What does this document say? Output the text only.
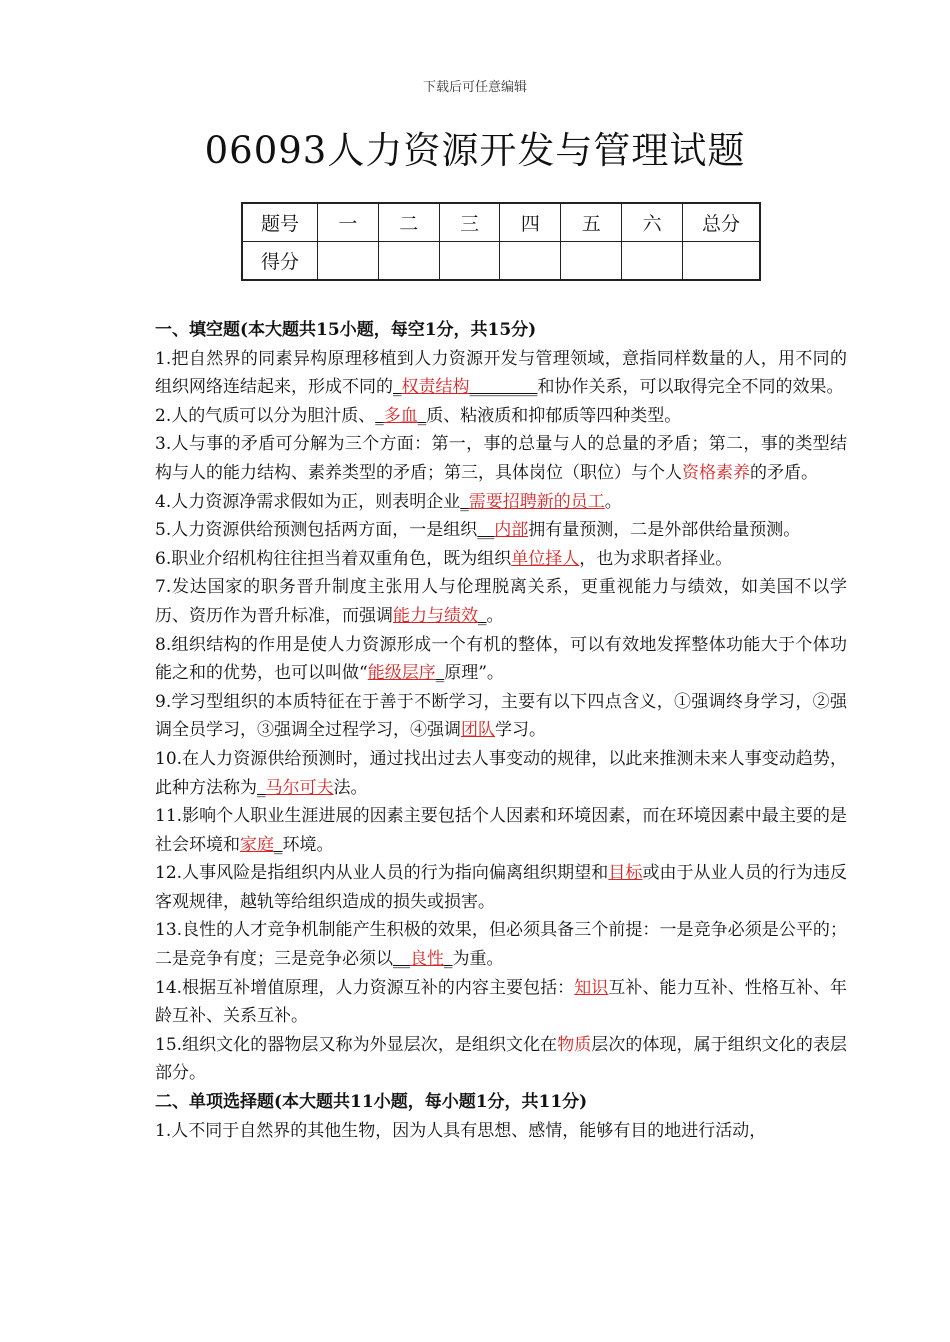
下载后可任意编辑
06093人力资源开发与管理试题
题号	一	二	三	四	五	六	总分
得分							

一、填空题(本大题共15小题，每空1分，共15分)

1.把自然界的同素异构原理移植到人力资源开发与管理领域，意指同样数量的人，用不同的组织网络连结起来，形成不同的_权责结构________和协作关系，可以取得完全不同的效果。

2.人的气质可以分为胆汁质、_多血_质、粘液质和抑郁质等四种类型。

3.人与事的矛盾可分解为三个方面：第一，事的总量与人的总量的矛盾；第二，事的类型结构与人的能力结构、素养类型的矛盾；第三，具体岗位（职位）与个人资格素养的矛盾。

4.人力资源净需求假如为正，则表明企业_需要招聘新的员工。

5.人力资源供给预测包括两方面，一是组织__内部拥有量预测，二是外部供给量预测。

6.职业介绍机构往往担当着双重角色，既为组织单位择人，也为求职者择业。

7.发达国家的职务晋升制度主张用人与伦理脱离关系，更重视能力与绩效，如美国不以学历、资历作为晋升标准，而强调能力与绩效_。

8.组织结构的作用是使人力资源形成一个有机的整体，可以有效地发挥整体功能大于个体功能之和的优势，也可以叫做“能级层序_原理”。

9.学习型组织的本质特征在于善于不断学习，主要有以下四点含义，①强调终身学习，②强调全员学习，③强调全过程学习，④强调团队学习。

10.在人力资源供给预测时，通过找出过去人事变动的规律，以此来推测未来人事变动趋势，此种方法称为_马尔可夫法。

11.影响个人职业生涯进展的因素主要包括个人因素和环境因素，而在环境因素中最主要的是社会环境和家庭_环境。

12.人事风险是指组织内从业人员的行为指向偏离组织期望和目标或由于从业人员的行为违反客观规律，越轨等给组织造成的损失或损害。

13.良性的人才竞争机制能产生积极的效果，但必须具备三个前提：一是竞争必须是公平的；二是竞争有度；三是竞争必须以__良性_为重。

14.根据互补增值原理，人力资源互补的内容主要包括：知识互补、能力互补、性格互补、年龄互补、关系互补。

15.组织文化的器物层又称为外显层次，是组织文化在物质层次的体现，属于组织文化的表层部分。

二、单项选择题(本大题共11小题，每小题1分，共11分)

1.人不同于自然界的其他生物，因为人具有思想、感情，能够有目的地进行活动，
